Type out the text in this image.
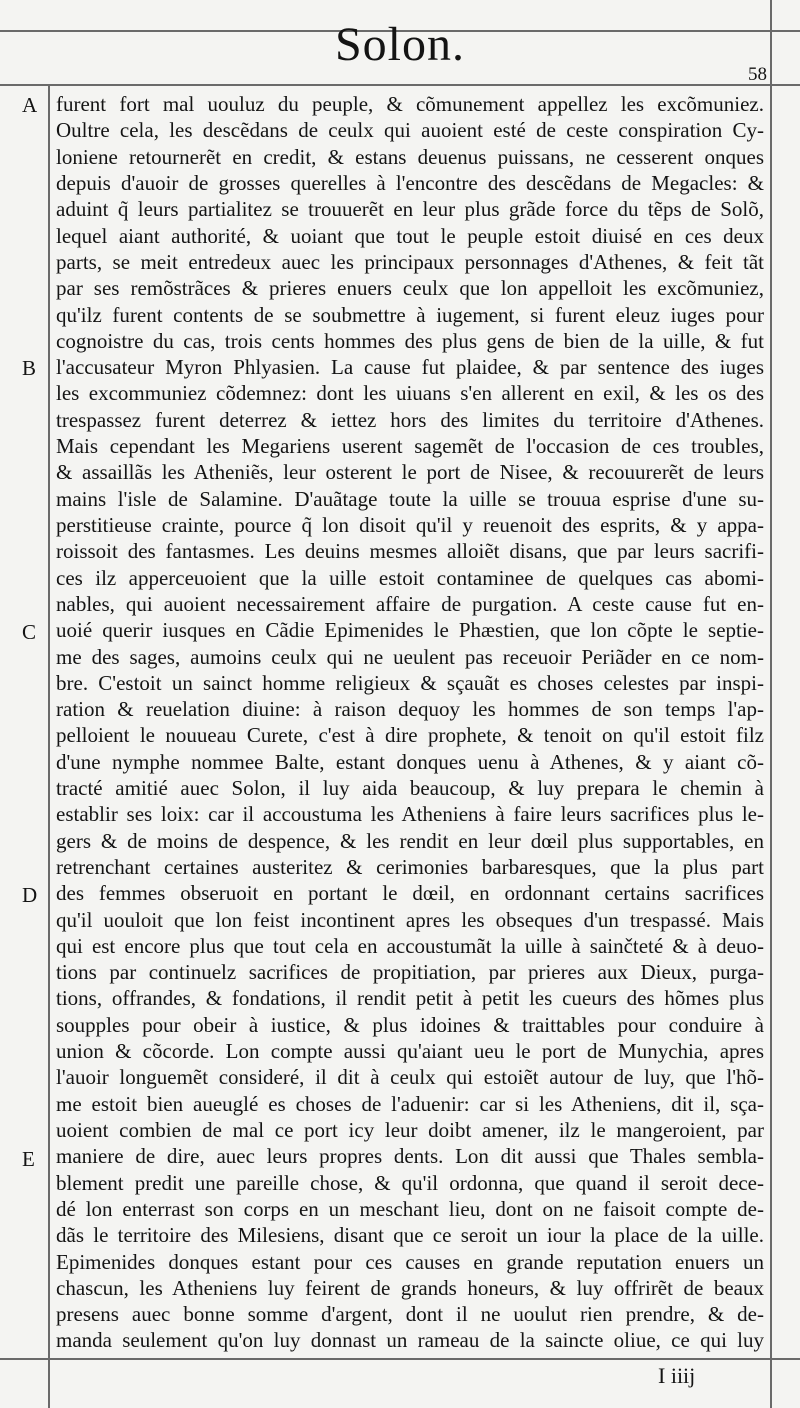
Solon.
58
A
B
C
D
E
furent fort mal uouluz du peuple, & cõmunement appellez les excõmuniez.
Oultre cela, les descẽdans de ceulx qui auoient esté de ceste conspiration Cy-
loniene retournerẽt en credit, & estans deuenus puissans, ne cesserent onques
depuis d'auoir de grosses querelles à l'encontre des descẽdans de Megacles: &
aduint q̃ leurs partialitez se trouuerẽt en leur plus grãde force du tẽps de Solõ,
lequel aiant authorité, & uoiant que tout le peuple estoit diuisé en ces deux
parts, se meit entredeux auec les principaux personnages d'Athenes, & feit tãt
par ses remõstrãces & prieres enuers ceulx que lon appelloit les excõmuniez,
qu'ilz furent contents de se soubmettre à iugement, si furent eleuz iuges pour
cognoistre du cas, trois cents hommes des plus gens de bien de la uille, & fut
l'accusateur Myron Phlyasien. La cause fut plaidee, & par sentence des iuges
les excommuniez cõdemnez: dont les uiuans s'en allerent en exil, & les os des
trespassez furent deterrez & iettez hors des limites du territoire d'Athenes.
Mais cependant les Megariens userent sagemẽt de l'occasion de ces troubles,
& assaillãs les Atheniẽs, leur osterent le port de Nisee, & recouurerẽt de leurs
mains l'isle de Salamine. D'auãtage toute la uille se trouua esprise d'une su-
perstitieuse crainte, pource q̃ lon disoit qu'il y reuenoit des esprits, & y appa-
roissoit des fantasmes. Les deuins mesmes alloiẽt disans, que par leurs sacrifi-
ces ilz apperceuoient que la uille estoit contaminee de quelques cas abomi-
nables, qui auoient necessairement affaire de purgation. A ceste cause fut en-
uoié querir iusques en Cãdie Epimenides le Phæstien, que lon cõpte le septie-
me des sages, aumoins ceulx qui ne ueulent pas receuoir Periãder en ce nom-
bre. C'estoit un sainct homme religieux & sçauãt es choses celestes par inspi-
ration & reuelation diuine: à raison dequoy les hommes de son temps l'ap-
pelloient le nouueau Curete, c'est à dire prophete, & tenoit on qu'il estoit filz
d'une nymphe nommee Balte, estant donques uenu à Athenes, & y aiant cõ-
tracté amitié auec Solon, il luy aida beaucoup, & luy prepara le chemin à
establir ses loix: car il accoustuma les Atheniens à faire leurs sacrifices plus le-
gers & de moins de despence, & les rendit en leur dœil plus supportables, en
retrenchant certaines austeritez & cerimonies barbaresques, que la plus part
des femmes obseruoit en portant le dœil, en ordonnant certains sacrifices
qu'il uouloit que lon feist incontinent apres les obseques d'un trespassé. Mais
qui est encore plus que tout cela en accoustumãt la uille à sainčteté & à deuo-
tions par continuelz sacrifices de propitiation, par prieres aux Dieux, purga-
tions, offrandes, & fondations, il rendit petit à petit les cueurs des hõmes plus
soupples pour obeir à iustice, & plus idoines & traittables pour conduire à
union & cõcorde. Lon compte aussi qu'aiant ueu le port de Munychia, apres
l'auoir longuemẽt consideré, il dit à ceulx qui estoiẽt autour de luy, que l'hõ-
me estoit bien aueuglé es choses de l'aduenir: car si les Atheniens, dit il, sça-
uoient combien de mal ce port icy leur doibt amener, ilz le mangeroient, par
maniere de dire, auec leurs propres dents. Lon dit aussi que Thales sembla-
blement predit une pareille chose, & qu'il ordonna, que quand il seroit dece-
dé lon enterrast son corps en un meschant lieu, dont on ne faisoit compte de-
dãs le territoire des Milesiens, disant que ce seroit un iour la place de la uille.
Epimenides donques estant pour ces causes en grande reputation enuers un
chascun, les Atheniens luy feirent de grands honeurs, & luy offrirẽt de beaux
presens auec bonne somme d'argent, dont il ne uoulut rien prendre, & de-
manda seulement qu'on luy donnast un rameau de la saincte oliue, ce qui luy
I iiij
